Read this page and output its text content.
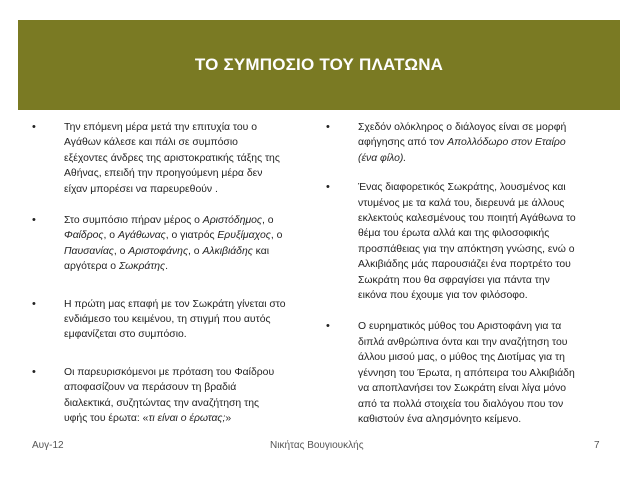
ΤΟ ΣΥΜΠΟΣΙΟ ΤΟΥ ΠΛΑΤΩΝΑ
•	Την επόμενη μέρα μετά την επιτυχία του ο
Αγάθων κάλεσε και πάλι σε συμπόσιο
εξέχοντες άνδρες της αριστοκρατικής τάξης της
Αθήνας, επειδή την προηγούμενη μέρα δεν
είχαν μπορέσει να παρευρεθούν .
•	Στο συμπόσιο πήραν μέρος ο Αριστόδημος, ο
Φαίδρος, ο Αγάθωνας, ο γιατρός Ερυξίμαχος, ο
Παυσανίας, ο Αριστοφάνης, ο Αλκιβιάδης και
αργότερα ο Σωκράτης.
•	Η πρώτη μας επαφή με τον Σωκράτη γίνεται στο
ενδιάμεσο του κειμένου, τη στιγμή που αυτός
εμφανίζεται στο συμπόσιο.
•	Οι παρευρισκόμενοι με πρόταση του Φαίδρου
αποφασίζουν να περάσουν τη βραδιά
διαλεκτικά, συζητώντας την αναζήτηση της
υφής του έρωτα: «τι είναι ο έρωτας;»
•	Σχεδόν ολόκληρος ο διάλογος είναι σε μορφή
αφήγησης από τον Απολλόδωρο στον Εταίρο
(ένα φίλο).
•	Ένας διαφορετικός Σωκράτης, λουσμένος και
ντυμένος με τα καλά του, διερευνά με άλλους
εκλεκτούς καλεσμένους του ποιητή Αγάθωνα το
θέμα του έρωτα αλλά και της φιλοσοφικής
προσπάθειας για την απόκτηση γνώσης, ενώ ο
Αλκιβιάδης μάς παρουσιάζει ένα πορτρέτο του
Σωκράτη που θα σφραγίσει για πάντα την
εικόνα που έχουμε για τον φιλόσοφο.
•	Ο ευρηματικός μύθος του Αριστοφάνη για τα
διπλά ανθρώπινα όντα και την αναζήτηση του
άλλου μισού μας, ο μύθος της Διοτίμας για τη
γέννηση του Έρωτα, η απόπειρα του Αλκιβιάδη
να αποπλανήσει τον Σωκράτη είναι λίγα μόνο
από τα πολλά στοιχεία του διαλόγου που τον
καθιστούν ένα αλησμόνητο κείμενο.
Αυγ-12	Νικήτας Βουγιουκλής	7
